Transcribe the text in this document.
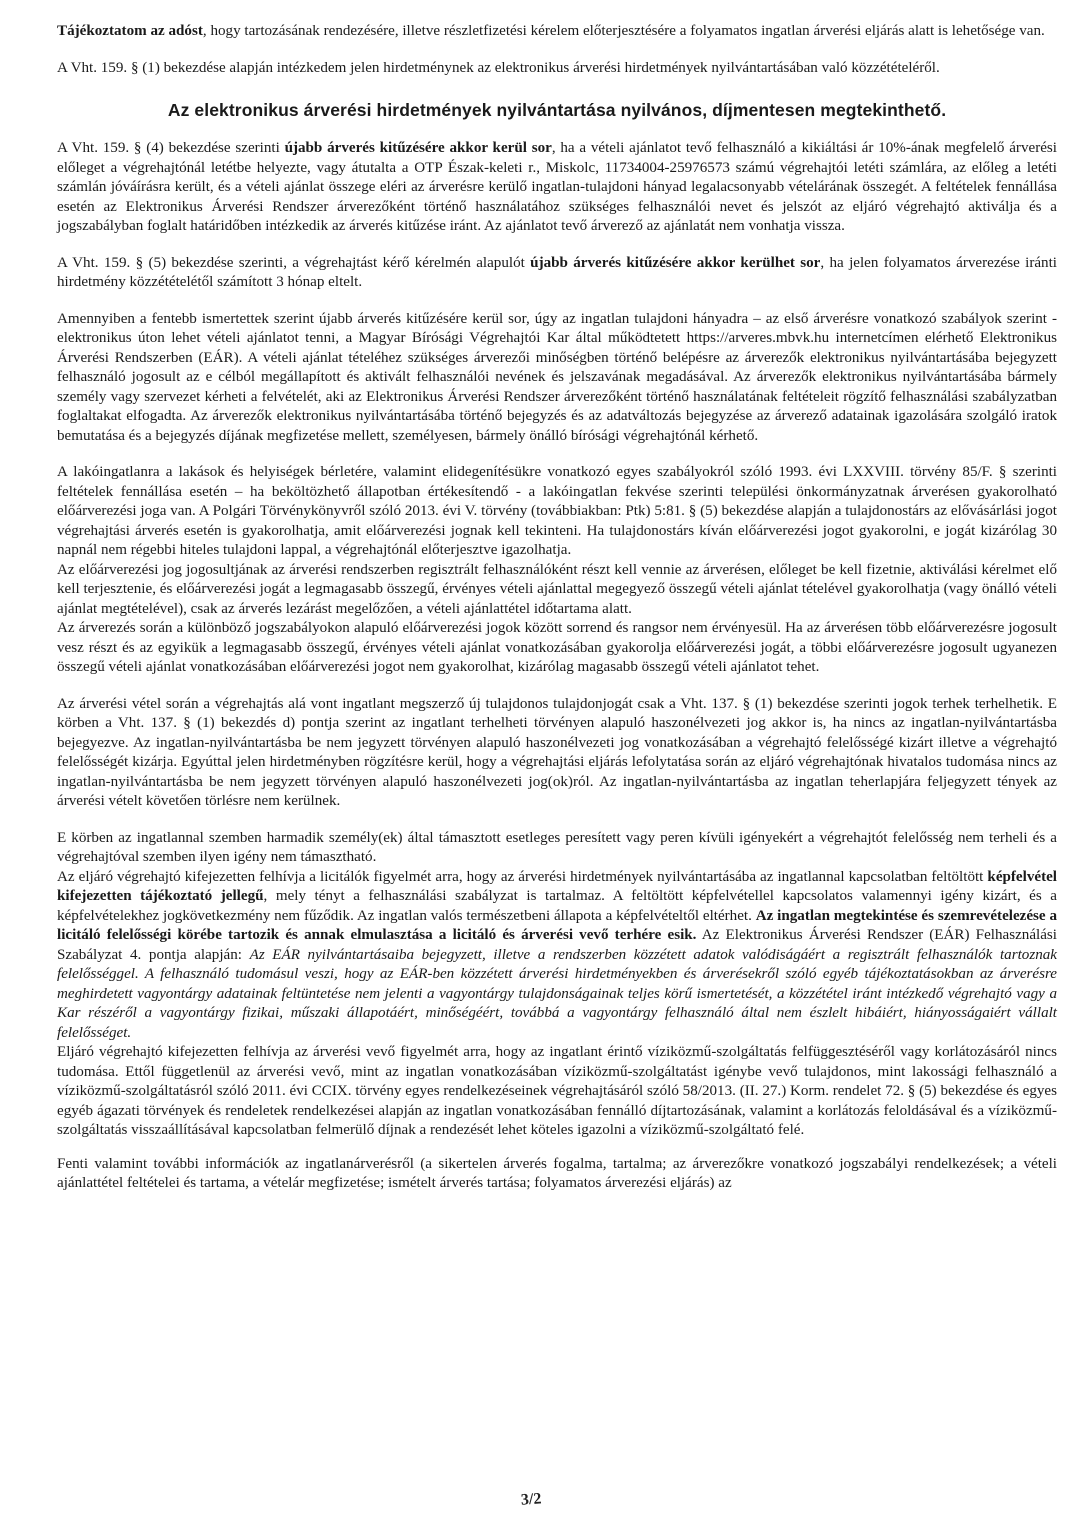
Tájékoztatom az adóst, hogy tartozásának rendezésére, illetve részletfizetési kérelem előterjesztésére a folyamatos ingatlan árverési eljárás alatt is lehetősége van.

A Vht. 159. § (1) bekezdése alapján intézkedem jelen hirdetménynek az elektronikus árverési hirdetmények nyilvántartásában való közzétételéről.

Az elektronikus árverési hirdetmények nyilvántartása nyilvános, díjmentesen megtekinthető.

A Vht. 159. § (4) bekezdése szerinti újabb árverés kitűzésére akkor kerül sor, ha a vételi ajánlatot tevő felhasználó a kikiáltási ár 10%-ának megfelelő árverési előleget a végrehajtónál letétbe helyezte, vagy átutalta a OTP Észak-keleti r., Miskolc, 11734004-25976573 számú végrehajtói letéti számlára, az előleg a letéti számlán jóváírásra került, és a vételi ajánlat összege eléri az árverésre kerülő ingatlan-tulajdoni hányad legalacsonyabb vételárának összegét. A feltételek fennállása esetén az Elektronikus Árverési Rendszer árverezőként történő használatához szükséges felhasználói nevet és jelszót az eljáró végrehajtó aktiválja és a jogszabályban foglalt határidőben intézkedik az árverés kitűzése iránt. Az ajánlatot tevő árverező az ajánlatát nem vonhatja vissza.

A Vht. 159. § (5) bekezdése szerinti, a végrehajtást kérő kérelmén alapulót újabb árverés kitűzésére akkor kerülhet sor, ha jelen folyamatos árverezése iránti hirdetmény közzétételétől számított 3 hónap eltelt.

Amennyiben a fentebb ismertettek szerint újabb árverés kitűzésére kerül sor, úgy az ingatlan tulajdoni hányadra – az első árverésre vonatkozó szabályok szerint - elektronikus úton lehet vételi ajánlatot tenni, a Magyar Bírósági Végrehajtói Kar által működtetett https://arveres.mbvk.hu internetcímen elérhető Elektronikus Árverési Rendszerben (EÁR). A vételi ajánlat tételéhez szükséges árverezői minőségben történő belépésre az árverezők elektronikus nyilvántartásába bejegyzett felhasználó jogosult az e célból megállapított és aktivált felhasználói nevének és jelszavának megadásával. Az árverezők elektronikus nyilvántartásába bármely személy vagy szervezet kérheti a felvételét, aki az Elektronikus Árverési Rendszer árverezőként történő használatának feltételeit rögzítő felhasználási szabályzatban foglaltakat elfogadta. Az árverezők elektronikus nyilvántartásába történő bejegyzés és az adatváltozás bejegyzése az árverező adatainak igazolására szolgáló iratok bemutatása és a bejegyzés díjának megfizetése mellett, személyesen, bármely önálló bírósági végrehajtónál kérhető.

A lakóingatlanra a lakások és helyiségek bérletére, valamint elidegenítésükre vonatkozó egyes szabályokról szóló 1993. évi LXXVIII. törvény 85/F. § szerinti feltételek fennállása esetén – ha beköltözhető állapotban értékesítendő - a lakóingatlan fekvése szerinti települési önkormányzatnak árverésen gyakorolható előárverezési joga van. A Polgári Törvénykönyvről szóló 2013. évi V. törvény (továbbiakban: Ptk) 5:81. § (5) bekezdése alapján a tulajdonostárs az elővásárlási jogot végrehajtási árverés esetén is gyakorolhatja, amit előárverezési jognak kell tekinteni. Ha tulajdonostárs kíván előárverezési jogot gyakorolni, e jogát kizárólag 30 napnál nem régebbi hiteles tulajdoni lappal, a végrehajtónál előterjesztve igazolhatja.

Az előárverezési jog jogosultjának az árverési rendszerben regisztrált felhasználóként részt kell vennie az árverésen, előleget be kell fizetnie, aktiválási kérelmet elő kell terjesztenie, és előárverezési jogát a legmagasabb összegű, érvényes vételi ajánlattal megegyező összegű vételi ajánlat tételével gyakorolhatja (vagy önálló vételi ajánlat megtételével), csak az árverés lezárást megelőzően, a vételi ajánlattétel időtartama alatt.

Az árverezés során a különböző jogszabályokon alapuló előárverezési jogok között sorrend és rangsor nem érvényesül. Ha az árverésen több előárverezésre jogosult vesz részt és az egyikük a legmagasabb összegű, érvényes vételi ajánlat vonatkozásában gyakorolja előárverezési jogát, a többi előárverezésre jogosult ugyanezen összegű vételi ajánlat vonatkozásában előárverezési jogot nem gyakorolhat, kizárólag magasabb összegű vételi ajánlatot tehet.

Az árverési vétel során a végrehajtás alá vont ingatlant megszerző új tulajdonos tulajdonjogát csak a Vht. 137. § (1) bekezdése szerinti jogok terhek terhelhetik. E körben a Vht. 137. § (1) bekezdés d) pontja szerint az ingatlant terhelheti törvényen alapuló haszonélvezeti jog akkor is, ha nincs az ingatlan-nyilvántartásba bejegyezve. Az ingatlan-nyilvántartásba be nem jegyzett törvényen alapuló haszonélvezeti jog vonatkozásában a végrehajtó felelősségé kizárt illetve a végrehajtó felelősségét kizárja. Egyúttal jelen hirdetményben rögzítésre kerül, hogy a végrehajtási eljárás lefolytatása során az eljáró végrehajtónak hivatalos tudomása nincs az ingatlan-nyilvántartásba be nem jegyzett törvényen alapuló haszonélvezeti jog(ok)ról. Az ingatlan-nyilvántartásba az ingatlan teherlapjára feljegyzett tények az árverési vételt követően törlésre nem kerülnek.

E körben az ingatlannal szemben harmadik személy(ek) által támasztott esetleges peresített vagy peren kívüli igényekért a végrehajtót felelősség nem terheli és a végrehajtóval szemben ilyen igény nem támasztható.

Az eljáró végrehajtó kifejezetten felhívja a licitálók figyelmét arra, hogy az árverési hirdetmények nyilvántartásába az ingatlannal kapcsolatban feltöltött képfelvétel kifejezetten tájékoztató jellegű, mely tényt a felhasználási szabályzat is tartalmaz. A feltöltött képfelvétellel kapcsolatos valamennyi igény kizárt, és a képfelvételekhez jogkövetkezmény nem fűződik. Az ingatlan valós természetbeni állapota a képfelvételtől eltérhet. Az ingatlan megtekintése és szemrevételezése a licitáló felelősségi körébe tartozik és annak elmulasztása a licitáló és árverési vevő terhére esik. Az Elektronikus Árverési Rendszer (EÁR) Felhasználási Szabályzat 4. pontja alapján: Az EÁR nyilvántartásaiba bejegyzett, illetve a rendszerben közzétett adatok valódiságáért a regisztrált felhasználók tartoznak felelősséggel. A felhasználó tudomásul veszi, hogy az EÁR-ben közzétett árverési hirdetményekben és árverésekről szóló egyéb tájékoztatásokban az árverésre meghirdetett vagyontárgy adatainak feltüntetése nem jelenti a vagyontárgy tulajdonságainak teljes körű ismertetését, a közzététel iránt intézkedő végrehajtó vagy a Kar részéről a vagyontárgy fizikai, műszaki állapotáért, minőségéért, továbbá a vagyontárgy felhasználó által nem észlelt hibáiért, hiányosságaiért vállalt felelősséget.

Eljáró végrehajtó kifejezetten felhívja az árverési vevő figyelmét arra, hogy az ingatlant érintő víziközmű-szolgáltatás felfüggesztéséről vagy korlátozásáról nincs tudomása. Ettől függetlenül az árverési vevő, mint az ingatlan vonatkozásában víziközmű-szolgáltatást igénybe vevő tulajdonos, mint lakossági felhasználó a víziközmű-szolgáltatásról szóló 2011. évi CCIX. törvény egyes rendelkezéseinek végrehajtásáról szóló 58/2013. (II. 27.) Korm. rendelet 72. § (5) bekezdése és egyes egyéb ágazati törvények és rendeletek rendelkezései alapján az ingatlan vonatkozásában fennálló díjtartozásának, valamint a korlátozás feloldásával és a víziközmű-szolgáltatás visszaállításával kapcsolatban felmerülő díjnak a rendezését lehet köteles igazolni a víziközmű-szolgáltató felé.

Fenti valamint további információk az ingatlanárverésről (a sikertelen árverés fogalma, tartalma; az árverezőkre vonatkozó jogszabályi rendelkezések; a vételi ajánlattétel feltételei és tartama, a vételár megfizetése; ismételt árverés tartása; folyamatos árverezési eljárás) az

3/2
